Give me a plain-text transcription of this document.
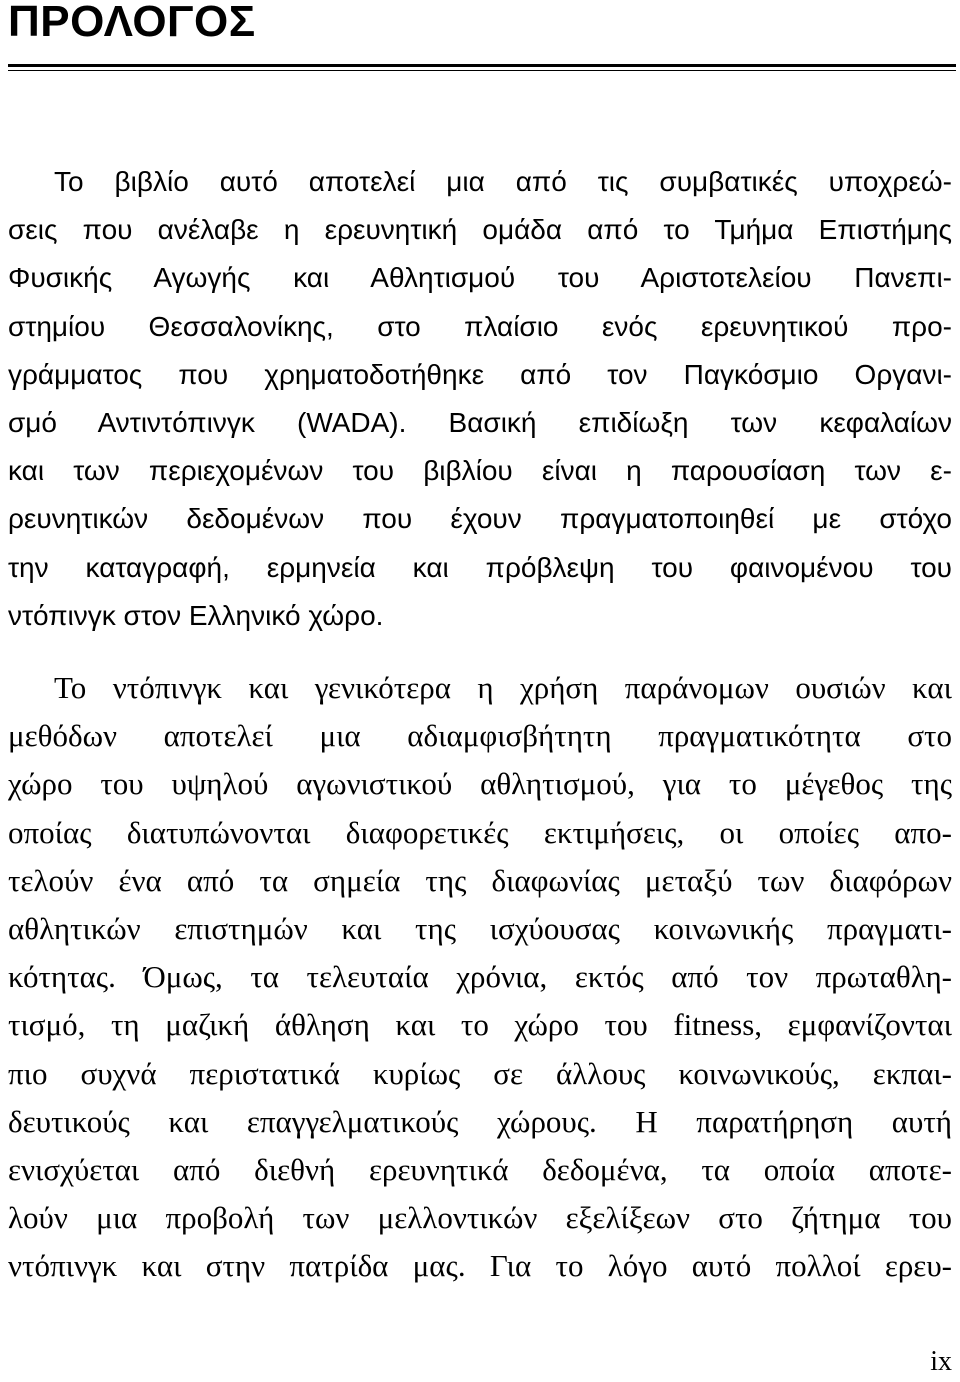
ΠΡΟΛΟΓΟΣ
Το βιβλίο αυτό αποτελεί μια από τις συμβατικές υποχρεώ-
σεις που ανέλαβε η ερευνητική ομάδα από το Τμήμα Επιστήμης
Φυσικής Αγωγής και Αθλητισμού του Αριστοτελείου Πανεπι-
στημίου Θεσσαλονίκης, στο πλαίσιο ενός ερευνητικού προ-
γράμματος που χρηματοδοτήθηκε από τον Παγκόσμιο Οργανι-
σμό Αντιντόπινγκ (WADA). Βασική επιδίωξη των κεφαλαίων
και των περιεχομένων του βιβλίου είναι η παρουσίαση των ε-
ρευνητικών δεδομένων που έχουν πραγματοποιηθεί με στόχο
την καταγραφή, ερμηνεία και πρόβλεψη του φαινομένου του
ντόπινγκ στον Ελληνικό χώρο.
Το ντόπινγκ και γενικότερα η χρήση παράνομων ουσιών και
μεθόδων αποτελεί μια αδιαμφισβήτητη πραγματικότητα στο
χώρο του υψηλού αγωνιστικού αθλητισμού, για το μέγεθος της
οποίας διατυπώνονται διαφορετικές εκτιμήσεις, οι οποίες απο-
τελούν ένα από τα σημεία της διαφωνίας μεταξύ των διαφόρων
αθλητικών επιστημών και της ισχύουσας κοινωνικής πραγματι-
κότητας. Όμως, τα τελευταία χρόνια, εκτός από τον πρωταθλη-
τισμό, τη μαζική άθληση και το χώρο του fitness, εμφανίζονται
πιο συχνά περιστατικά κυρίως σε άλλους κοινωνικούς, εκπαι-
δευτικούς και επαγγελματικούς χώρους. Η παρατήρηση αυτή
ενισχύεται από διεθνή ερευνητικά δεδομένα, τα οποία αποτε-
λούν μια προβολή των μελλοντικών εξελίξεων στο ζήτημα του
ντόπινγκ και στην πατρίδα μας. Για το λόγο αυτό πολλοί ερευ-

ix
